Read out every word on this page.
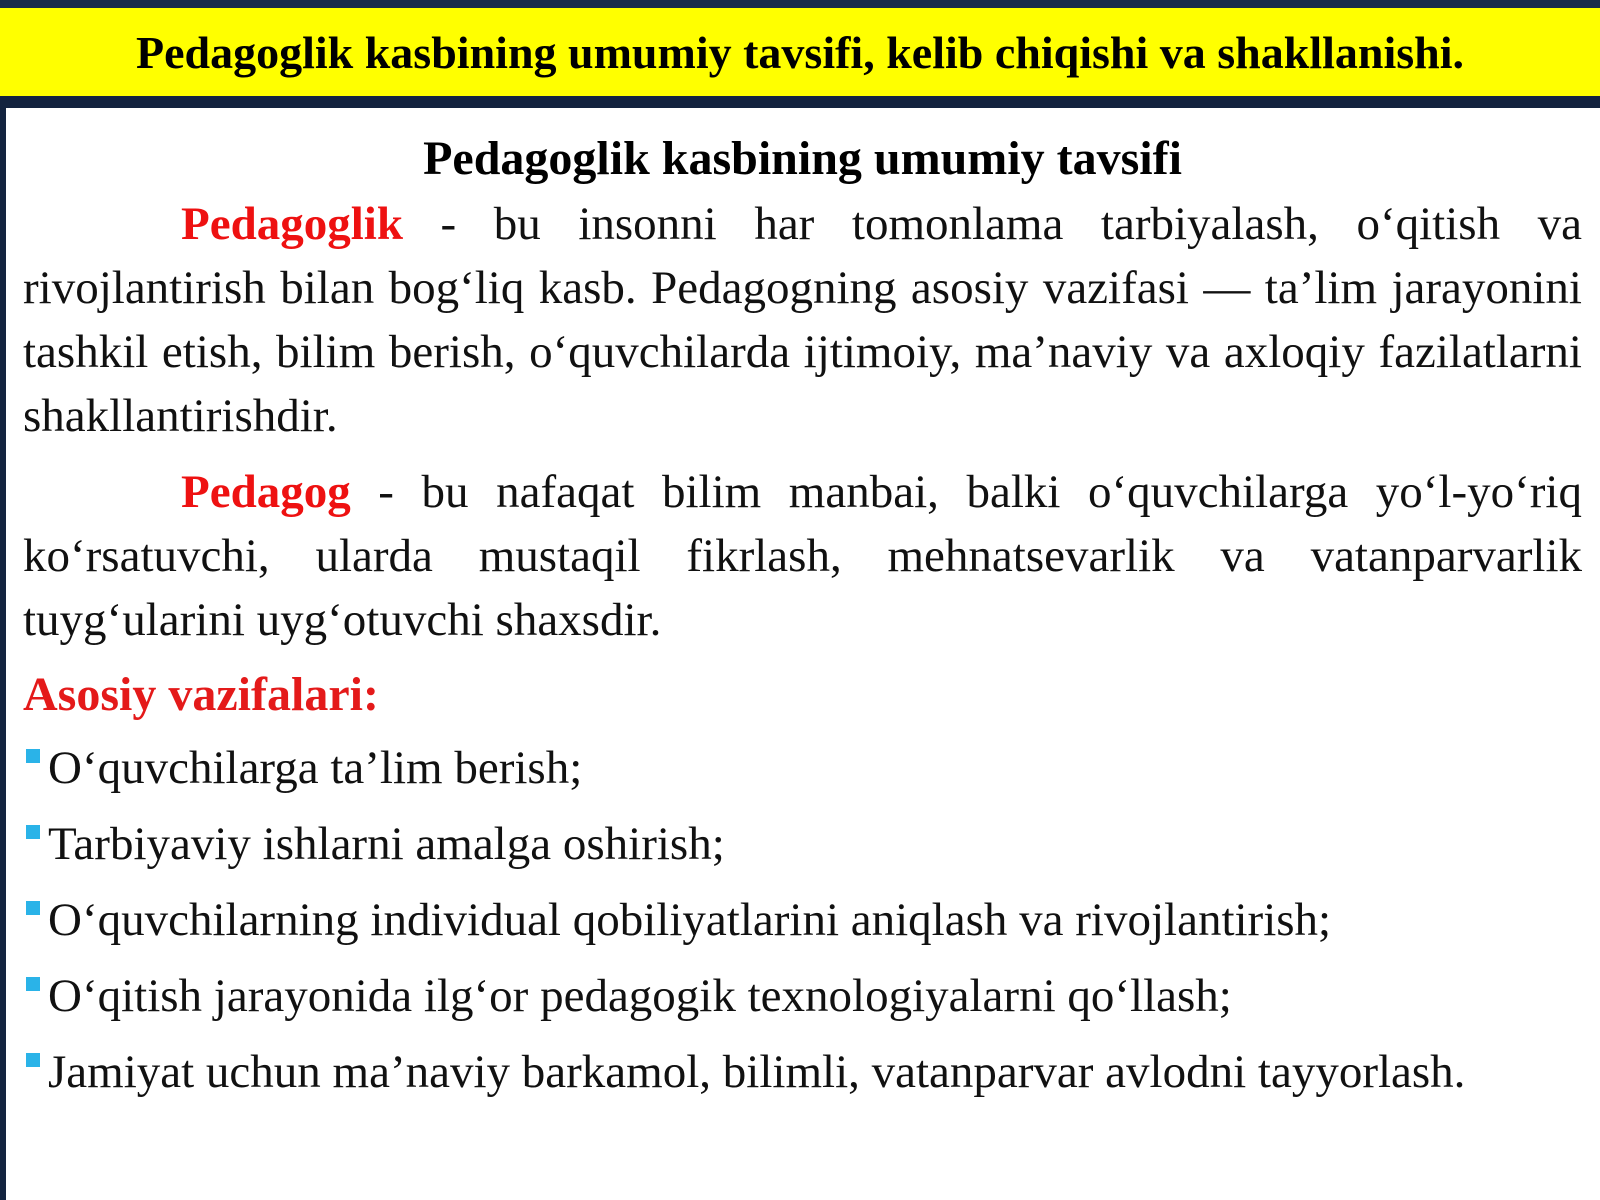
Pedagoglik kasbining umumiy tavsifi, kelib chiqishi va shakllanishi.
Pedagoglik kasbining umumiy tavsifi

Pedagoglik - bu insonni har tomonlama tarbiyalash, o‘qitish va rivojlantirish bilan bog‘liq kasb. Pedagogning asosiy vazifasi — ta’lim jarayonini tashkil etish, bilim berish, o‘quvchilarda ijtimoiy, ma’naviy va axloqiy fazilatlarni shakllantirishdir.

Pedagog - bu nafaqat bilim manbai, balki o‘quvchilarga yo‘l-yo‘riq ko‘rsatuvchi, ularda mustaqil fikrlash, mehnatsevarlik va vatanparvarlik tuyg‘ularini uyg‘otuvchi shaxsdir.

Asosiy vazifalari:
O‘quvchilarga ta’lim berish;
Tarbiyaviy ishlarni amalga oshirish;
O‘quvchilarning individual qobiliyatlarini aniqlash va rivojlantirish;
O‘qitish jarayonida ilg‘or pedagogik texnologiyalarni qo‘llash;
Jamiyat uchun ma’naviy barkamol, bilimli, vatanparvar avlodni tayyorlash.
